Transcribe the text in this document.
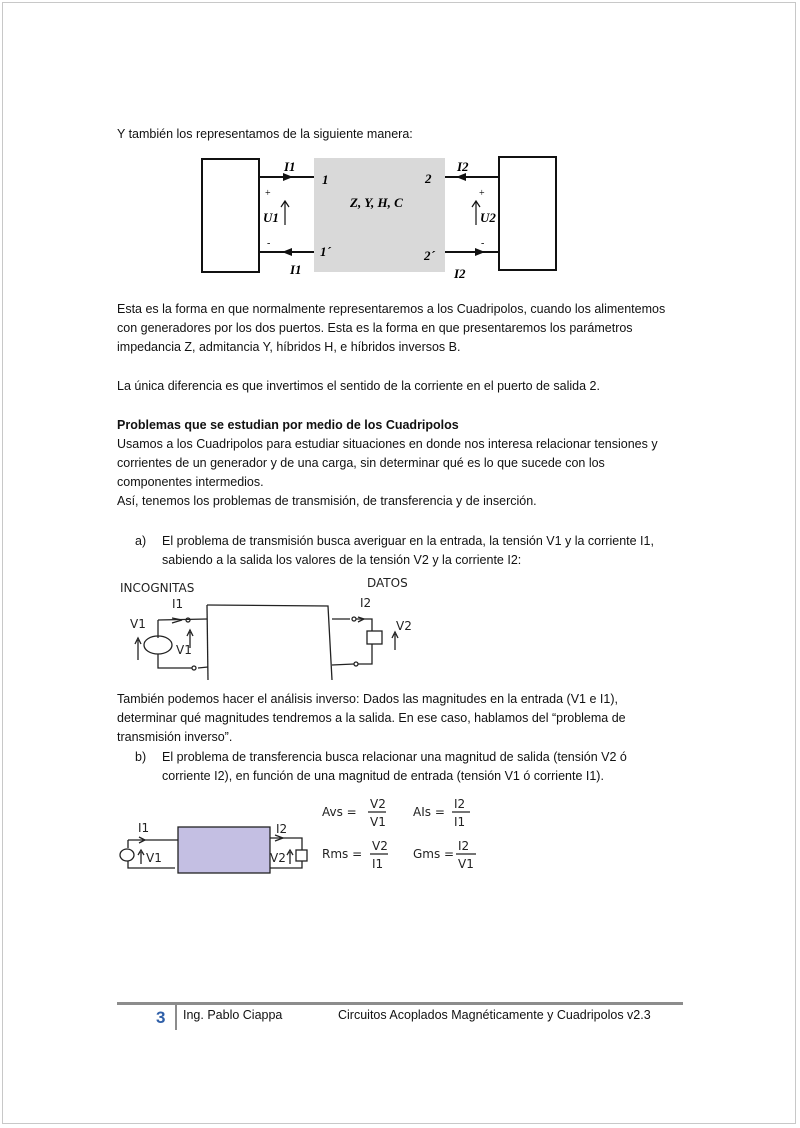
Y también los representamos de la siguiente manera:
I1
I1
I2
I2
1
1´
2
2´
Z, Y, H, C
U1	U2
+
-
+
-
Esta es la forma en que normalmente representaremos a los Cuadripolos, cuando los alimentemos
con generadores por los dos puertos. Esta es la forma en que presentaremos los parámetros
impedancia Z, admitancia Y, híbridos H, e híbridos inversos B.
La única diferencia es que invertimos el sentido de la corriente en el puerto de salida 2.
Problemas que se estudian por medio de los Cuadripolos
Usamos a los Cuadripolos para estudiar situaciones en donde nos interesa relacionar tensiones y
corrientes de un generador y de una carga, sin determinar qué es lo que sucede con los
componentes intermedios.
Así, tenemos los problemas de transmisión, de transferencia y de inserción.
a) El problema de transmisión busca averiguar en la entrada, la tensión V1 y la corriente I1,
sabiendo a la salida los valores de la tensión V2 y la corriente I2:
INCOGNITAS	DATOS
I1	I2
V1
V1
V2
También podemos hacer el análisis inverso: Dados las magnitudes en la entrada (V1 e I1),
determinar qué magnitudes tendremos a la salida. En ese caso, hablamos del “problema de
transmisión inverso”.
b) El problema de transferencia busca relacionar una magnitud de salida (tensión V2 ó
corriente I2), en función de una magnitud de entrada (tensión V1 ó corriente I1).
I1	I2
V1	V2
Avs =
V2
V1
AIs =
I2
I1
Rms =
V2
I1
Gms =
I2
V1
3 Ing. Pablo Ciappa	Circuitos Acoplados Magnéticamente y Cuadripolos v2.3
